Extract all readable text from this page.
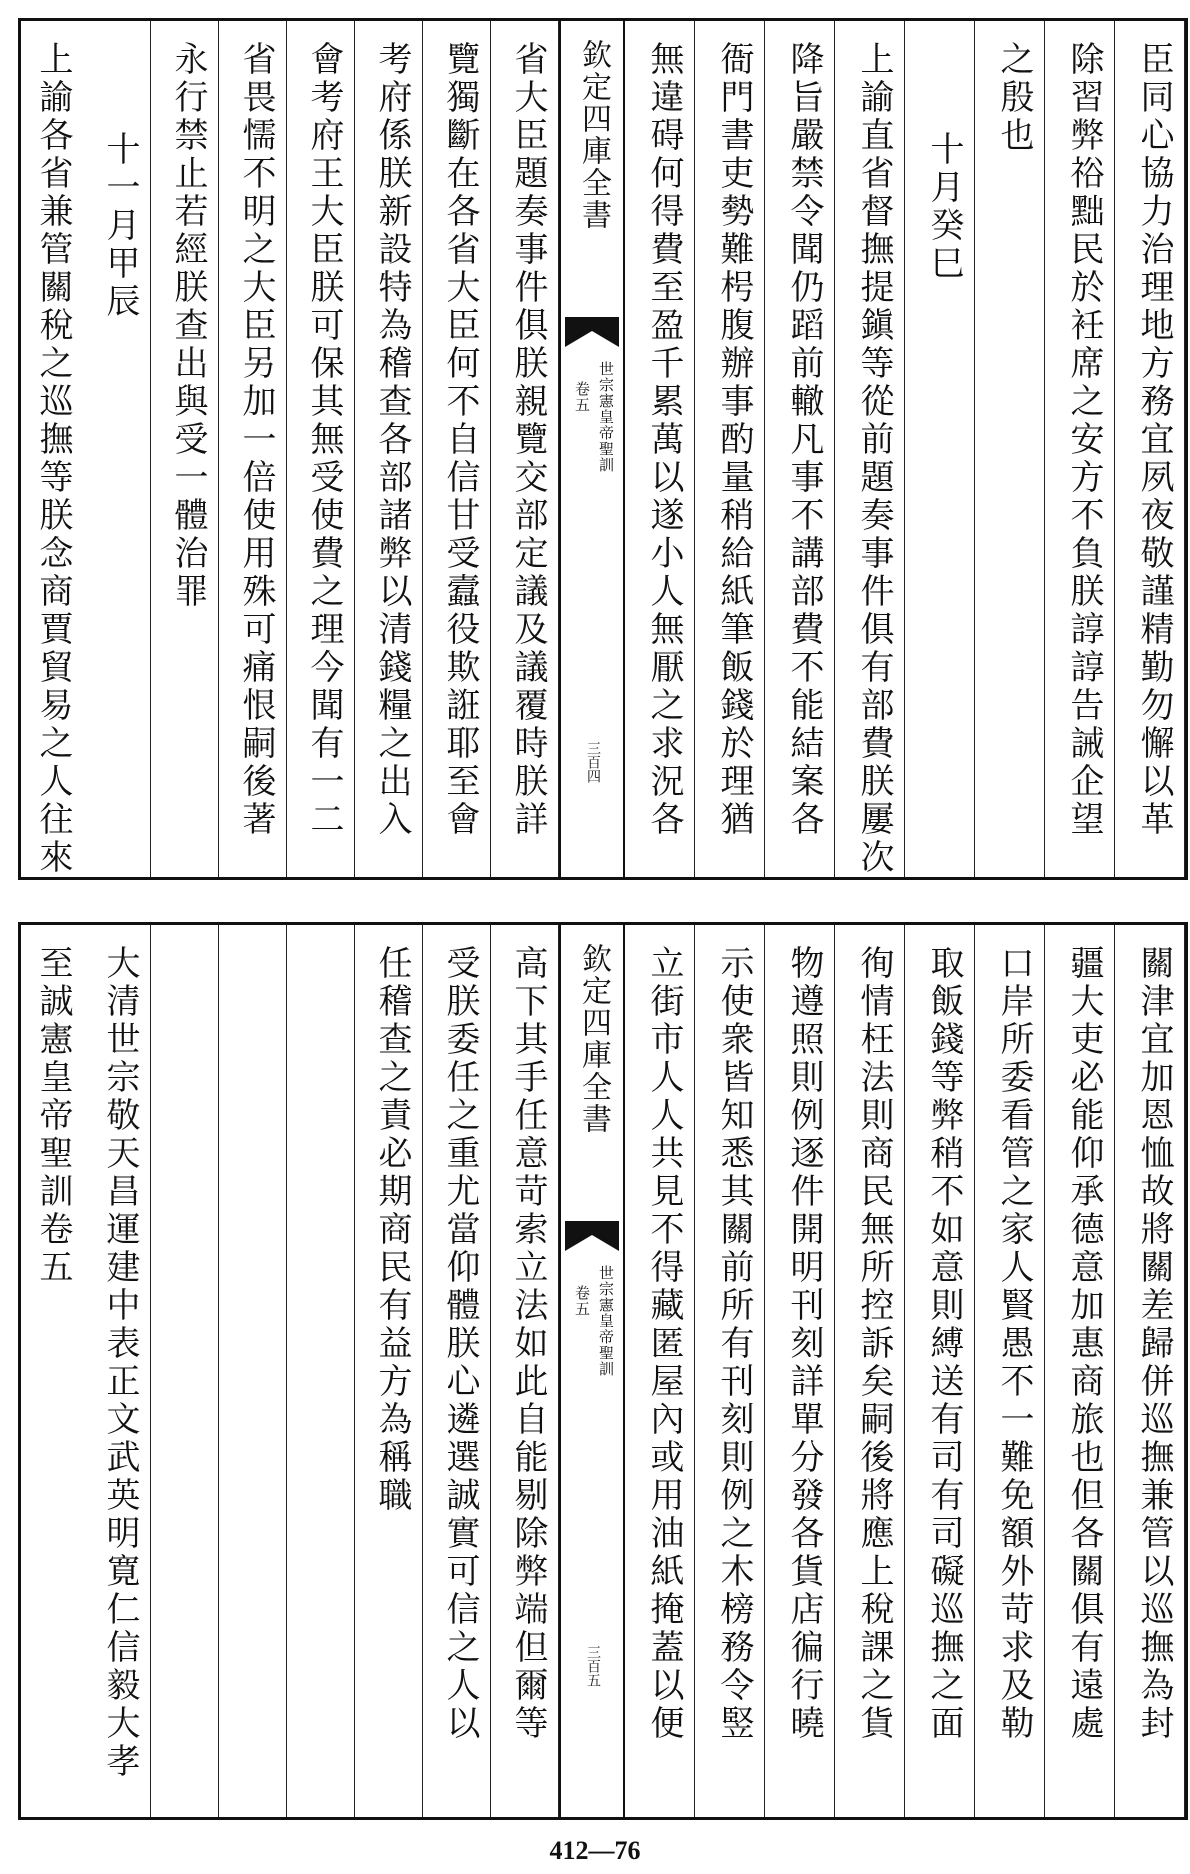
臣同心協力治理地方務宜夙夜敬謹精勤勿懈以革
除習弊𥙿黜民於衽席之安方不負朕諄諄告誡企望
之殷也
十月癸巳
上諭直省督撫提鎭等從前題奏事件俱有部費朕屢次
降旨嚴禁令聞仍蹈前轍凡事不講部費不能結案各
衙門書吏勢難枵腹辦事酌量稍給紙筆飯錢於理猶
無違碍何得費至盈千累萬以遂小人無厭之求況各
欽定四庫全書
世宗憲皇帝聖訓
卷五
三百四
省大臣題奏事件俱朕親覽交部定議及議覆時朕詳
覽獨斷在各省大臣何不自信甘受蠧役欺誑耶至會
考府係朕新設特為稽查各部諸弊以清錢糧之出入
會考府王大臣朕可保其無受使費之理今聞有一二
省畏懦不明之大臣另加一倍使用殊可痛恨嗣後著
永行禁止若經朕查出與受一體治罪
十一月甲辰
上諭各省兼管關稅之巡撫等朕念商賈貿易之人往來
關津宜加恩恤故將關差歸併巡撫兼管以巡撫為封
疆大吏必能仰承德意加惠商旅也但各關俱有遠處
口岸所委看管之家人賢愚不一難免額外苛求及勒
取飯錢等弊稍不如意則縛送有司有司礙巡撫之面
徇情枉法則商民無所控訴矣嗣後將應上稅課之貨
物遵照則例逐件開明刊刻詳單分發各貨店徧行曉
示使衆皆知悉其關前所有刊刻則例之木榜務令竪
立街市人人共見不得藏匿屋內或用油紙掩蓋以便
欽定四庫全書
世宗憲皇帝聖訓
卷五
三百五
高下其手任意苛索立法如此自能剔除弊端但爾等
受朕委任之重尤當仰體朕心遴選誠實可信之人以
任稽查之責必期商民有益方為稱職
大清世宗敬天昌運建中表正文武英明寛仁信毅大孝
至誠憲皇帝聖訓卷五
412—76
